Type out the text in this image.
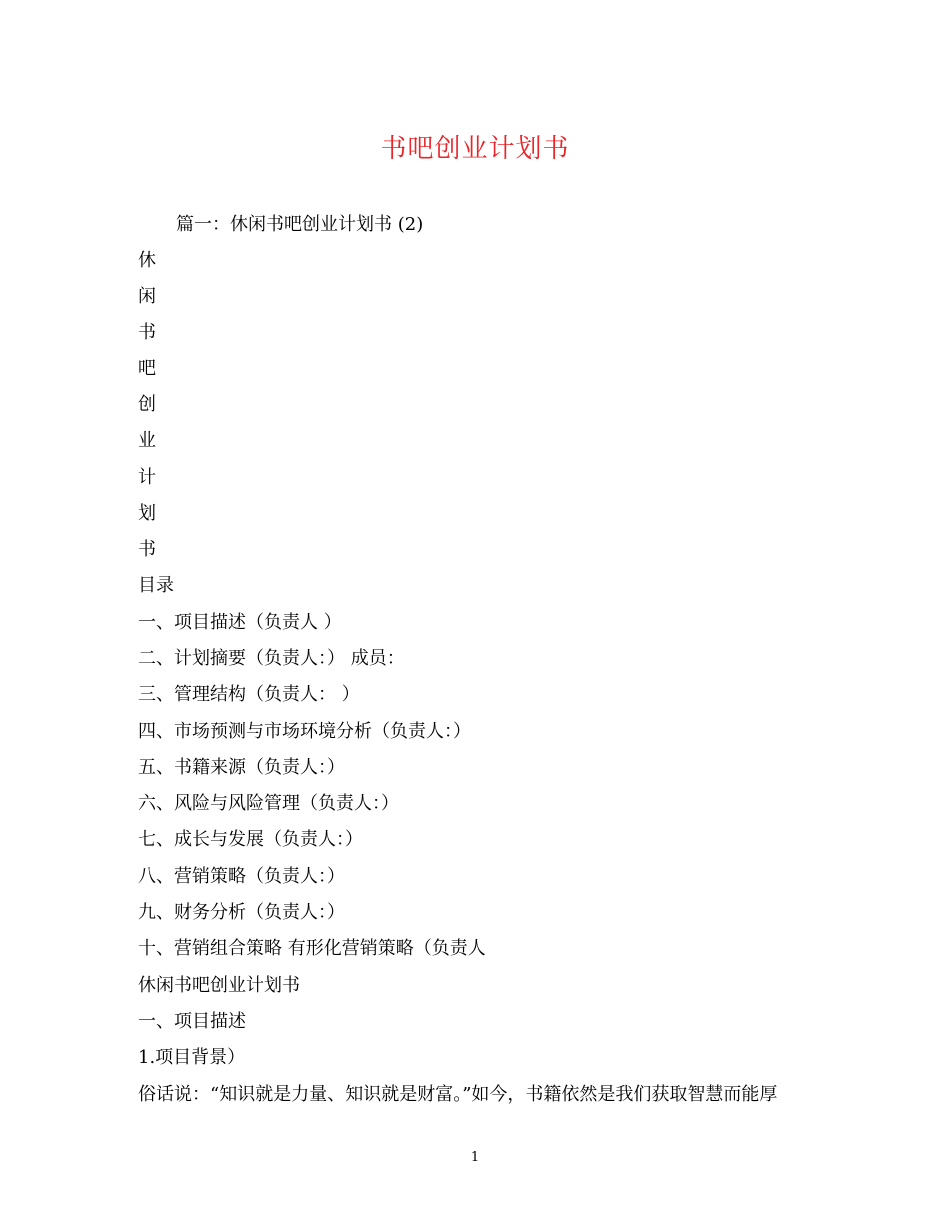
书吧创业计划书
篇一：休闲书吧创业计划书 (2)
休
闲
书
吧
创
业
计
划
书
目录
一、项目描述（负责人 ）
二、计划摘要（负责人：） 成员：
三、管理结构（负责人： ）
四、市场预测与市场环境分析（负责人：）
五、书籍来源（负责人：）
六、风险与风险管理（负责人：）
七、成长与发展（负责人：）
八、营销策略（负责人：）
九、财务分析（负责人：）
十、营销组合策略 有形化营销策略（负责人
休闲书吧创业计划书
一、项目描述
1.项目背景）
俗话说：“知识就是力量、知识就是财富。”如今，书籍依然是我们获取智慧而能厚
1
